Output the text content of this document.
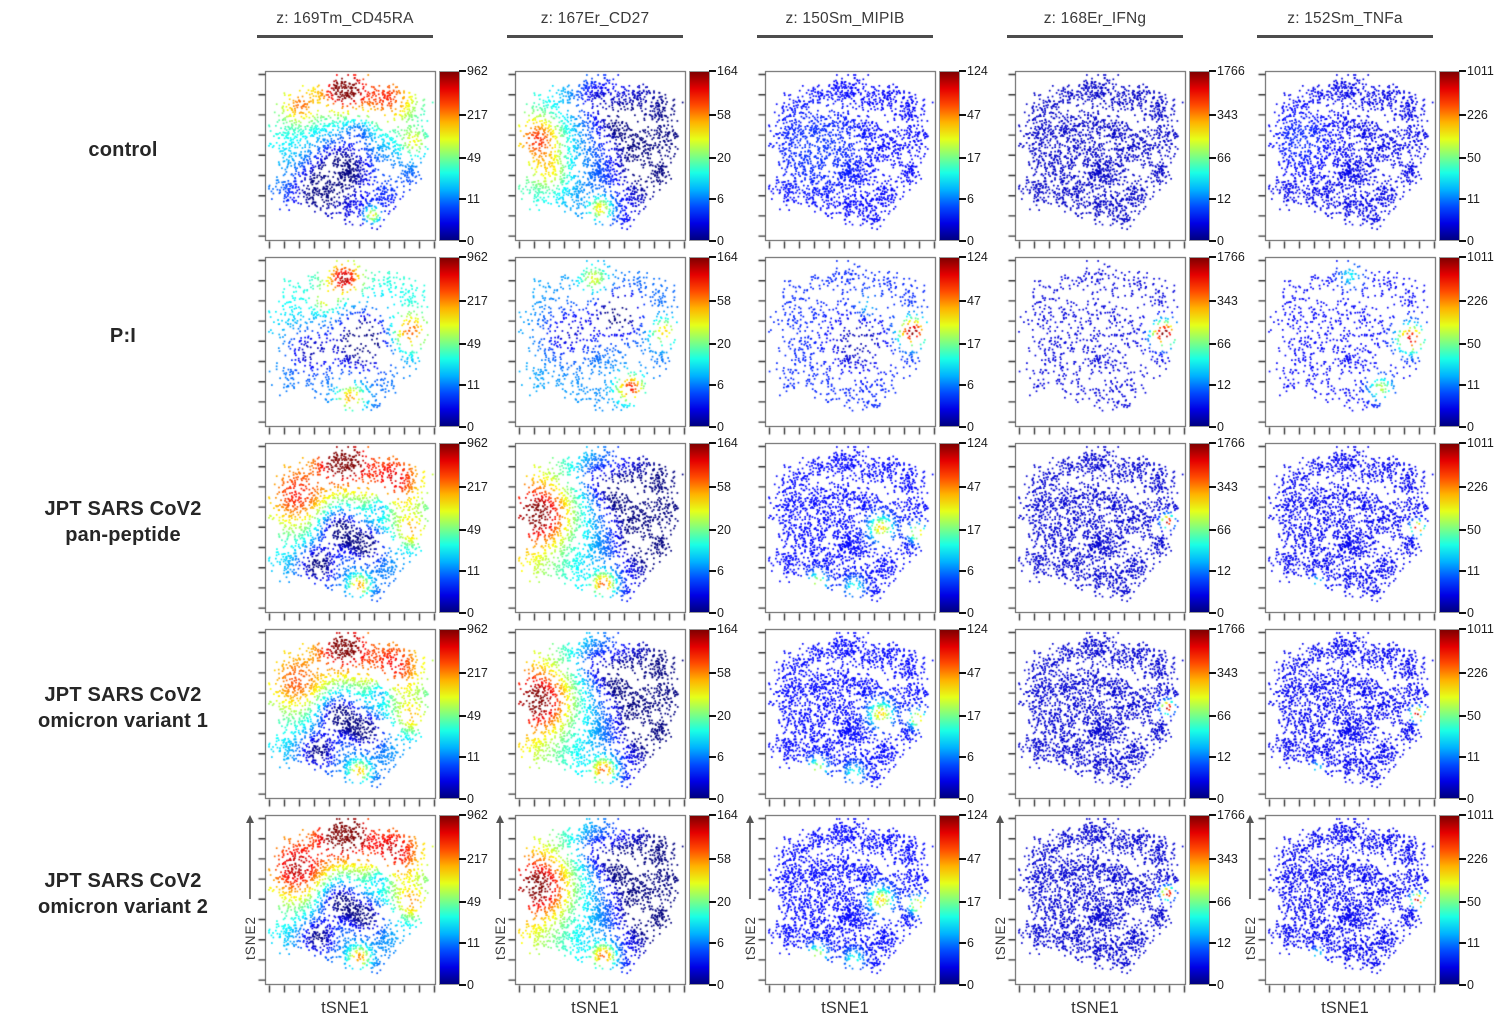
z: 169Tm_CD45RA	z: 167Er_CD27	z: 150Sm_MIPIB	z: 168Er_IFNg	z: 152Sm_TNFa
control
962
217
49
11
0
164
58
20
6
0
124
47
17
6
0
1766
343
66
12
0
1011
226
50
11
0
P:I
962
217
49
11
0
164
58
20
6
0
124
47
17
6
0
1766
343
66
12
0
1011
226
50
11
0
JPT SARS CoV2
pan-peptide
962
217
49
11
0
164
58
20
6
0
124
47
17
6
0
1766
343
66
12
0
1011
226
50
11
0
JPT SARS CoV2
omicron variant 1
962
217
49
11
0
164
58
20
6
0
124
47
17
6
0
1766
343
66
12
0
1011
226
50
11
0
JPT SARS CoV2
omicron variant 2
tSNE2
962
217
49
11
0
tSNE2
164
58
20
6
0
tSNE2
124
47
17
6
0
tSNE2
1766
343
66
12
0
tSNE2
1011
226
50
11
0
tSNE1	tSNE1	tSNE1	tSNE1	tSNE1
